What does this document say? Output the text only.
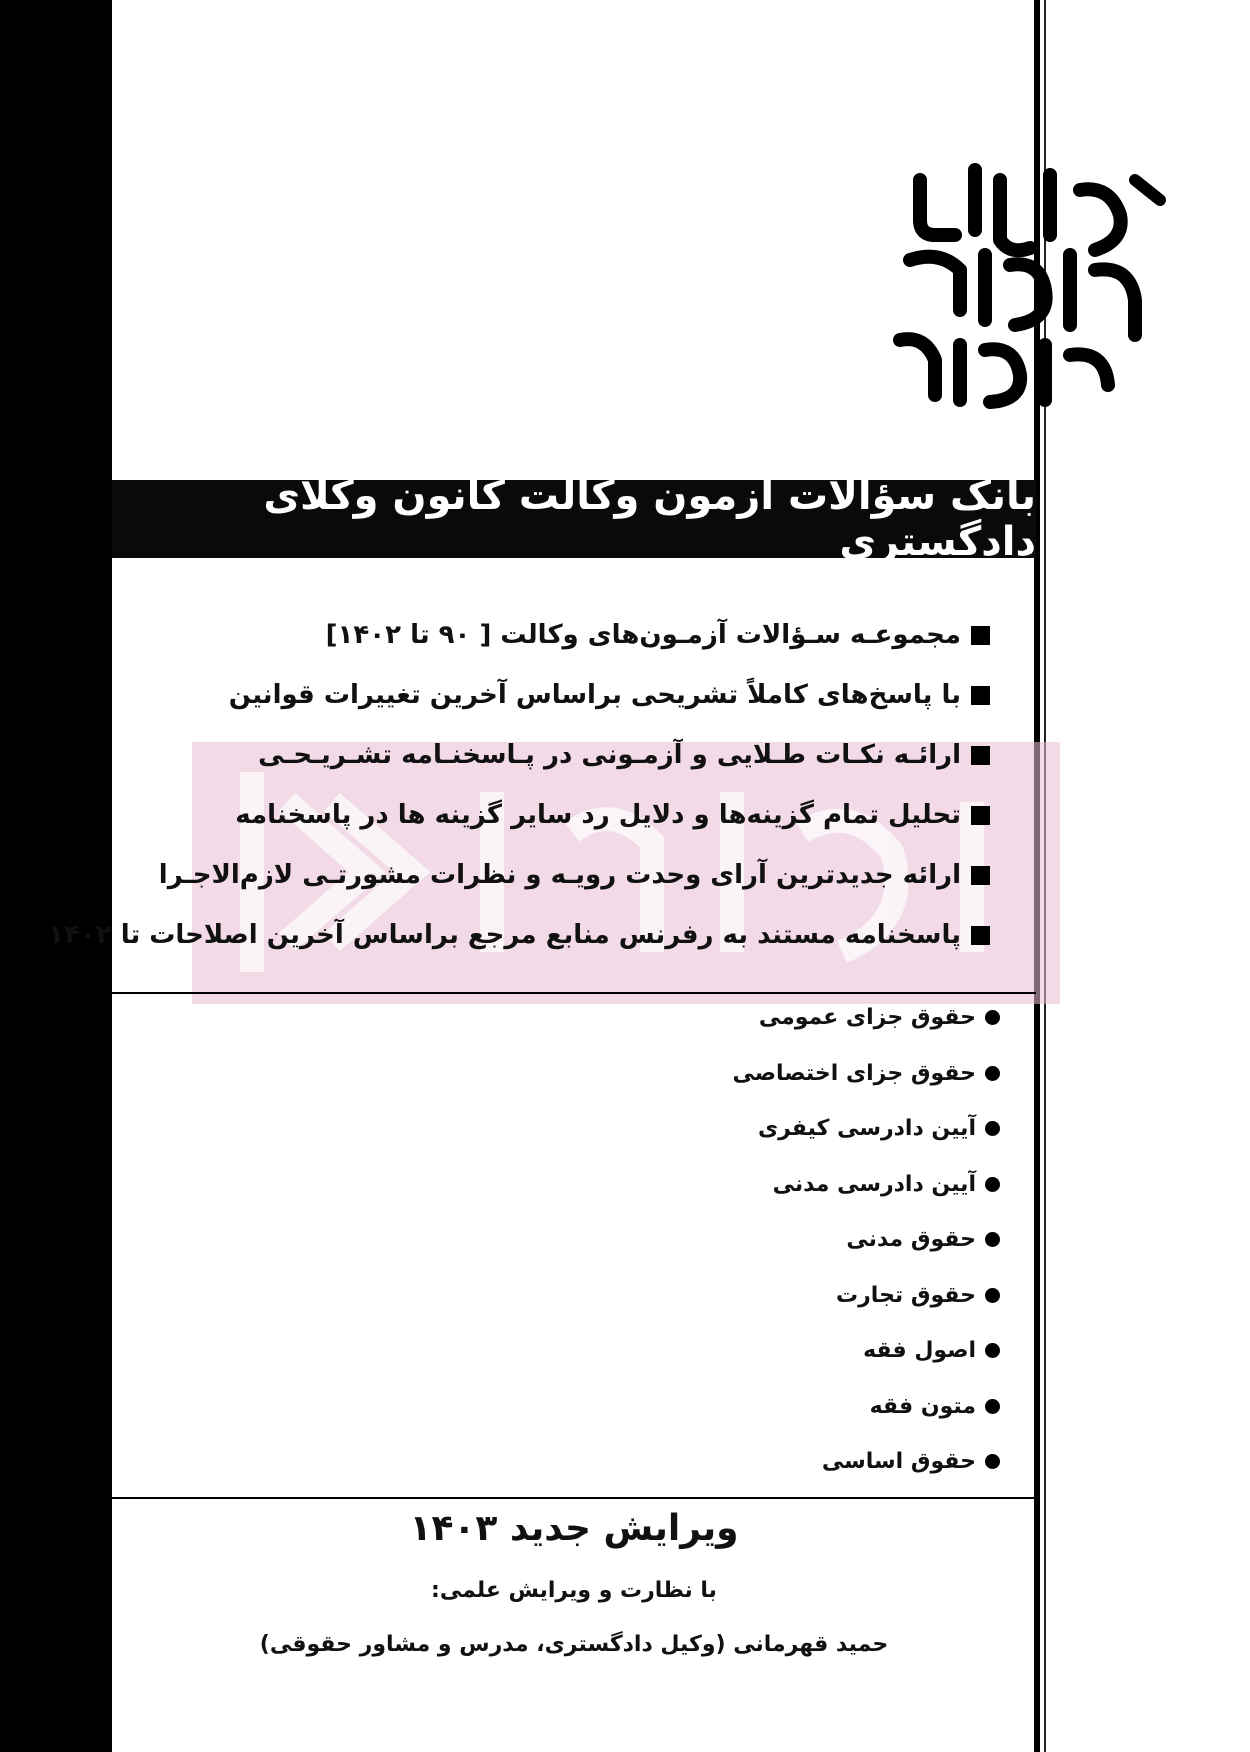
بانک سؤالات آزمون وکالت کانون وکلای دادگستری
مجموعـه سـؤالات آزمـون‌های وکالت [ ۹۰ تا ۱۴۰۲]
با پاسخ‌های کاملاً تشریحی براساس آخرین تغییرات قوانین
ارائـه نکـات طـلایی و آزمـونی در پـاسخنـامه تشـریـحـی
تحلیل تمام گزینه‌ها و دلایل رد سایر گزینه ها در پاسخنامه
ارائه جدیدترین آرای وحدت رویـه و نظرات مشورتـی لازم‌الاجـرا
پاسخنامه مستند به رفرنس منابع مرجع براساس آخرین اصلاحات تا ۱۴۰۲
حقوق جزای عمومی
حقوق جزای اختصاصی
آیین دادرسی کیفری
آیین دادرسی مدنی
حقوق مدنی
حقوق تجارت
اصول فقه
متون فقه
حقوق اساسی
ویرایش جدید ۱۴۰۳
با نظارت و ویرایش علمی:
حمید قهرمانی (وکیل دادگستری، مدرس و مشاور حقوقی)
